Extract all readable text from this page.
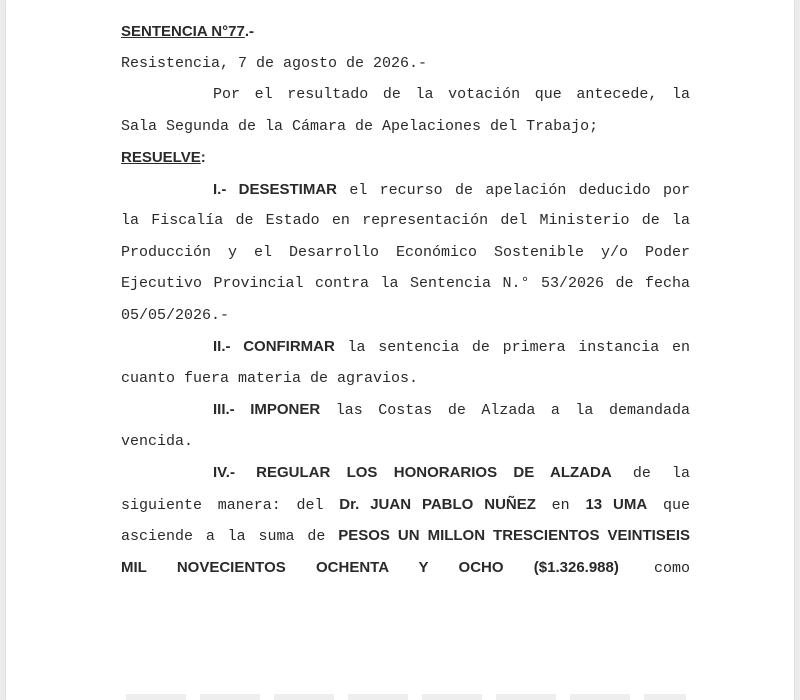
SENTENCIA N°77.-
Resistencia, 7 de agosto de 2026.-
Por el resultado de la votación que antecede, la
Sala Segunda de la Cámara de Apelaciones del Trabajo;
RESUELVE:
I.- DESESTIMAR el recurso de apelación deducido por
la Fiscalía de Estado en representación del Ministerio de la
Producción y el Desarrollo Económico Sostenible y/o Poder
Ejecutivo Provincial contra la Sentencia N.° 53/2026 de fecha
05/05/2026.-
II.- CONFIRMAR la sentencia de primera instancia en
cuanto fuera materia de agravios.
III.- IMPONER las Costas de Alzada a la demandada
vencida.
IV.- REGULAR LOS HONORARIOS DE ALZADA de la
siguiente manera: del Dr. JUAN PABLO NUÑEZ en 13 UMA que
asciende a la suma de PESOS UN MILLON TRESCIENTOS VEINTISEIS
MIL NOVECIENTOS OCHENTA Y OCHO ($1.326.988) como
